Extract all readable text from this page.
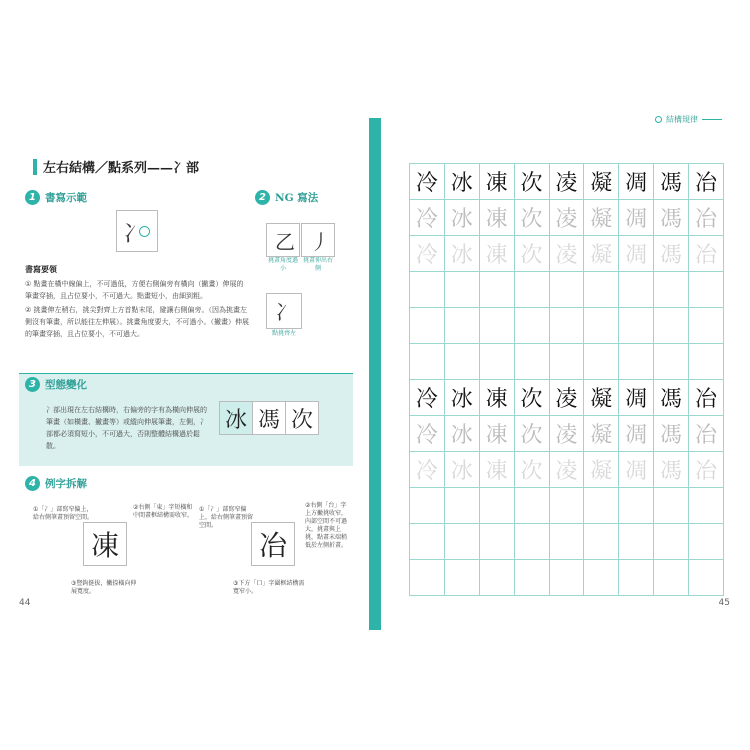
左右結構／點系列——冫部
1 書寫示範
冫
2 NG 寫法
乙 丿
挑畫角度過小
挑畫伸出右側
冫
點挑齊左
書寫要領

① 點畫在橫中線偏上，不可過低，方便右側偏旁有橫向（撇畫）伸展的筆畫穿插，且占位要小，不可過大。點畫短小，由細到粗。

② 挑畫伸左稍右，挑尖對齊上方首點末尾，避讓右側偏旁。（因為挑畫左側沒有筆畫，所以能往左伸展）。挑畫角度要大，不可過小。（撇畫）伸展的筆畫穿插，且占位要小，不可過大。

3 型態變化
冫部出現在左右結構時，右偏旁的字有為橫向伸展的筆畫（如橫畫、撇畫等）或縱向伸展筆畫，左側，冫部都必須寫短小，不可過大，否則整體結構過於鬆散。
冰 馮 次
4 例字拆解
①「冫」部寫窄偏上，給右側筆畫預留空間。
凍
②右側「東」字短橫和中間畫框結構需收窄。
③豎鉤挺拔，撇捺橫向伸展寬度。
①「冫」部寫窄偏上，給右側筆畫預留空間。
冶
②右側「台」字上方撇挑收窄，內部空間不可過大，挑畫與上挑，點畫末端稍低於左側折畫。
③下方「口」字圍框結構需寬窄小。
44
結構規律
冷	冰	凍	次	凌	凝	凋	馮	冶
冷	冰	凍	次	凌	凝	凋	馮	冶
冷	冰	凍	次	凌	凝	凋	馮	冶

冷	冰	凍	次	凌	凝	凋	馮	冶
冷	冰	凍	次	凌	凝	凋	馮	冶
冷	冰	凍	次	凌	凝	凋	馮	冶

45
